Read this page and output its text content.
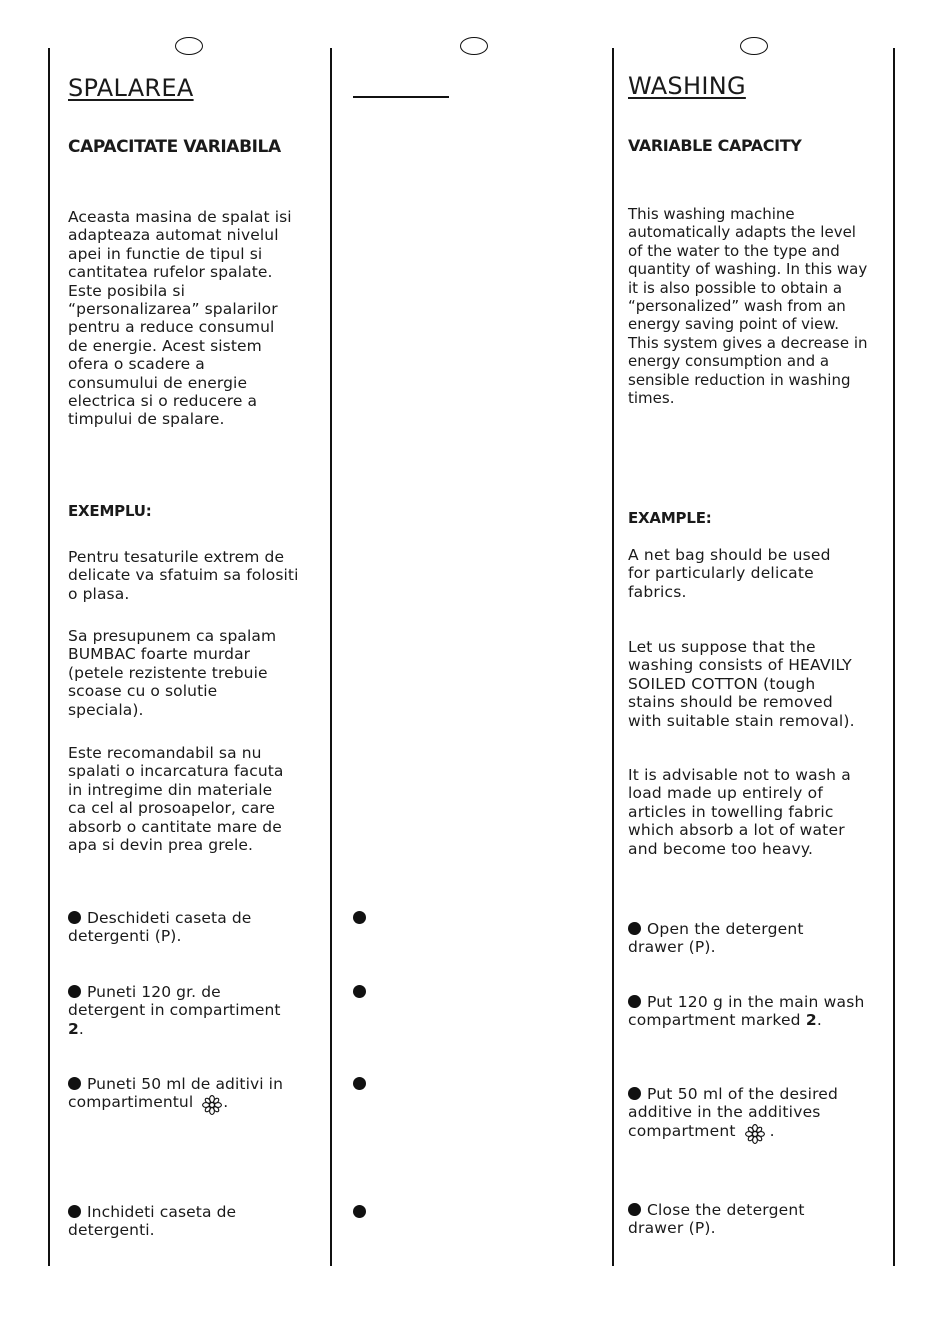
SPALAREA
CAPACITATE VARIABILA
Aceasta masina de spalat isi
adapteaza automat nivelul
apei in functie de tipul si
cantitatea rufelor spalate.
Este posibila si
“personalizarea” spalarilor
pentru a reduce consumul
de energie. Acest sistem
ofera o scadere a
consumului de energie
electrica si o reducere a
timpului de spalare.
EXEMPLU:
Pentru tesaturile extrem de
delicate va sfatuim sa folositi
o plasa.
Sa presupunem ca spalam
BUMBAC foarte murdar
(petele rezistente trebuie
scoase cu o solutie
speciala).
Este recomandabil sa nu
spalati o incarcatura facuta
in intregime din materiale
ca cel al prosoapelor, care
absorb o cantitate mare de
apa si devin prea grele.
Deschideti caseta de
detergenti (P).
Puneti 120 gr. de
detergent in compartiment
2.
Puneti 50 ml de aditivi in
compartimentul .
Inchideti caseta de
detergenti.
WASHING
VARIABLE CAPACITY
This washing machine
automatically adapts the level
of the water to the type and
quantity of washing. In this way
it is also possible to obtain a
“personalized” wash from an
energy saving point of view.
This system gives a decrease in
energy consumption and a
sensible reduction in washing
times.
EXAMPLE:
A net bag should be used
for particularly delicate
fabrics.
Let us suppose that the
washing consists of HEAVILY
SOILED COTTON (tough
stains should be removed
with suitable stain removal).
It is advisable not to wash a
load made up entirely of
articles in towelling fabric
which absorb a lot of water
and become too heavy.
Open the detergent
drawer (P).
Put 120 g in the main wash
compartment marked 2.
Put 50 ml of the desired
additive in the additives
compartment .
Close the detergent
drawer (P).
